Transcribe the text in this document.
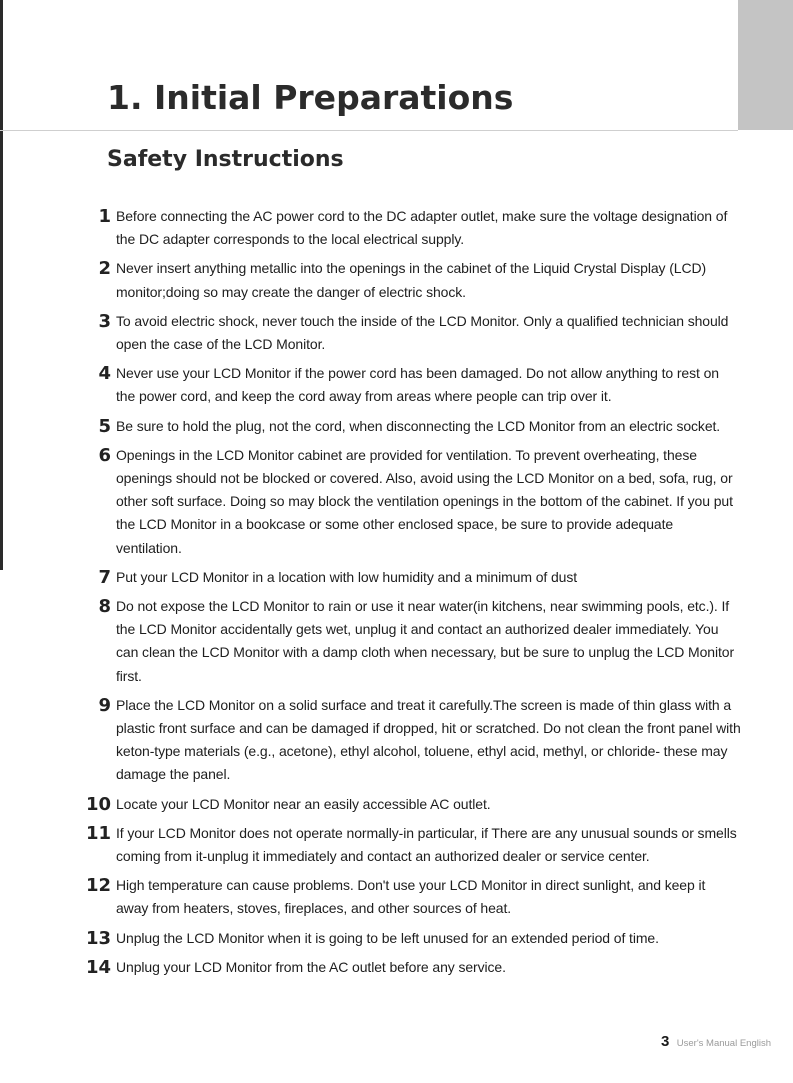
1. Initial Preparations
Safety Instructions
1 Before connecting the AC power cord to the DC adapter outlet, make sure the voltage designation of the DC adapter corresponds to the local electrical supply.

2 Never insert anything metallic into the openings in the cabinet of the Liquid Crystal Display (LCD) monitor;doing so may create the danger of electric shock.

3 To avoid electric shock, never touch the inside of the LCD Monitor. Only a qualified technician should open the case of the LCD Monitor.

4 Never use your LCD Monitor if the power cord has been damaged. Do not allow anything to rest on the power cord, and keep the cord away from areas where people can trip over it.

5 Be sure to hold the plug, not the cord, when disconnecting the LCD Monitor from an electric socket.

6 Openings in the LCD Monitor cabinet are provided for ventilation. To prevent overheating, these openings should not be blocked or covered. Also, avoid using the LCD Monitor on a bed, sofa, rug, or other soft surface. Doing so may block the ventilation openings in the bottom of the cabinet. If you put the LCD Monitor in a bookcase or some other enclosed space, be sure to provide adequate ventilation.

7 Put your LCD Monitor in a location with low humidity and a minimum of dust

8 Do not expose the LCD Monitor to rain or use it near water(in kitchens, near swimming pools, etc.). If the LCD Monitor accidentally gets wet, unplug it and contact an authorized dealer immediately. You can clean the LCD Monitor with a damp cloth when necessary, but be sure to unplug the LCD Monitor first.

9 Place the LCD Monitor on a solid surface and treat it carefully.The screen is made of thin glass with a plastic front surface and can be damaged if dropped, hit or scratched. Do not clean the front panel with keton-type materials (e.g., acetone), ethyl alcohol, toluene, ethyl acid, methyl, or chloride- these may damage the panel.

10 Locate your LCD Monitor near an easily accessible AC outlet.

11 If your LCD Monitor does not operate normally-in particular, if There are any unusual sounds or smells coming from it-unplug it immediately and contact an authorized dealer or service center.

12 High temperature can cause problems. Don't use your LCD Monitor in direct sunlight, and keep it away from heaters, stoves, fireplaces, and other sources of heat.

13 Unplug the LCD Monitor when it is going to be left unused for an extended period of time.

14 Unplug your LCD Monitor from the AC outlet before any service.

3 User's Manual English
